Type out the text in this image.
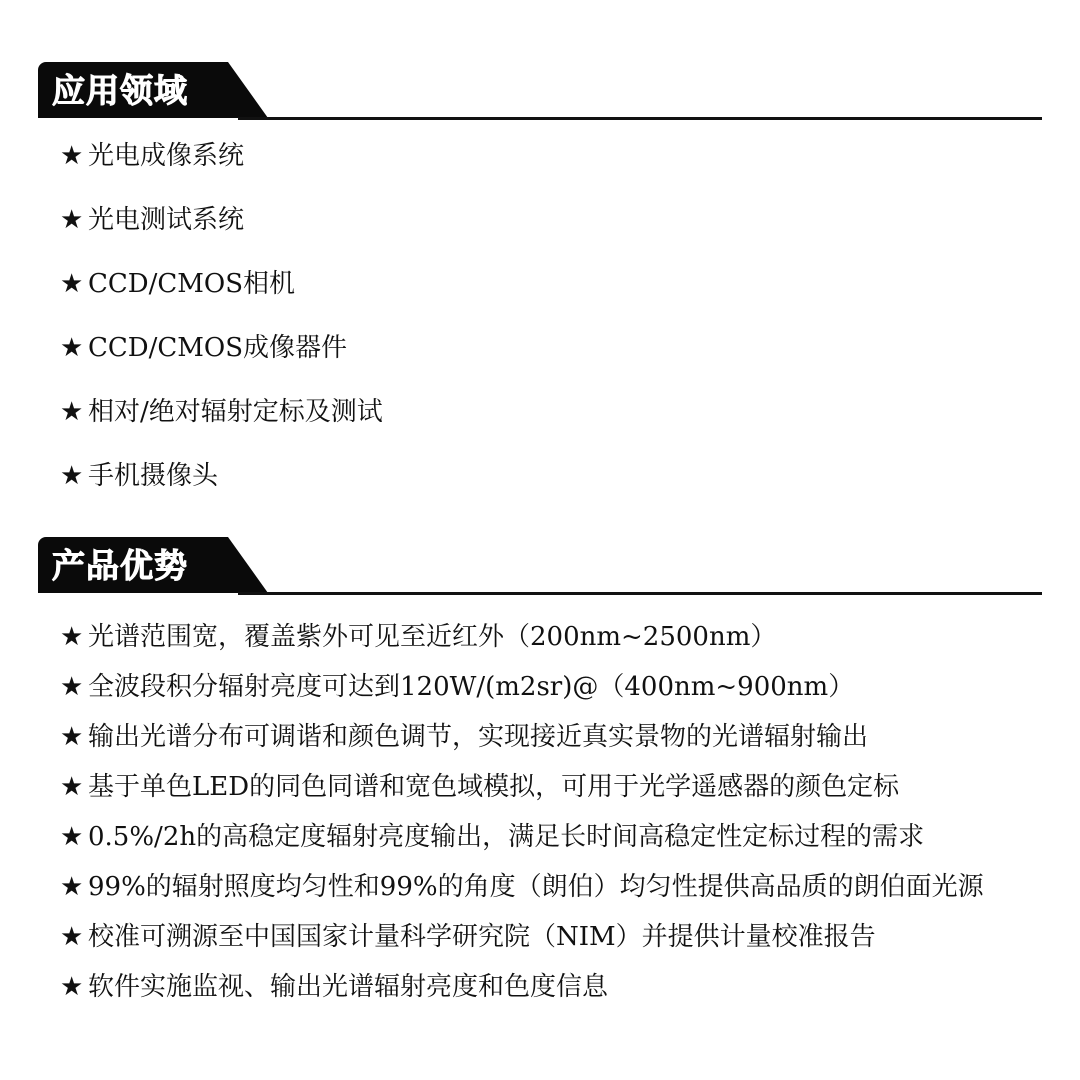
应用领域
★ 光电成像系统
★ 光电测试系统
★ CCD/CMOS相机
★ CCD/CMOS成像器件
★ 相对/绝对辐射定标及测试
★ 手机摄像头
产品优势
★ 光谱范围宽，覆盖紫外可见至近红外（200nm~2500nm）
★ 全波段积分辐射亮度可达到120W/(m2sr)@（400nm~900nm）
★ 输出光谱分布可调谐和颜色调节，实现接近真实景物的光谱辐射输出
★ 基于单色LED的同色同谱和宽色域模拟，可用于光学遥感器的颜色定标
★ 0.5%/2h的高稳定度辐射亮度输出，满足长时间高稳定性定标过程的需求
★ 99%的辐射照度均匀性和99%的角度（朗伯）均匀性提供高品质的朗伯面光源
★ 校准可溯源至中国国家计量科学研究院（NIM）并提供计量校准报告
★ 软件实施监视、输出光谱辐射亮度和色度信息
